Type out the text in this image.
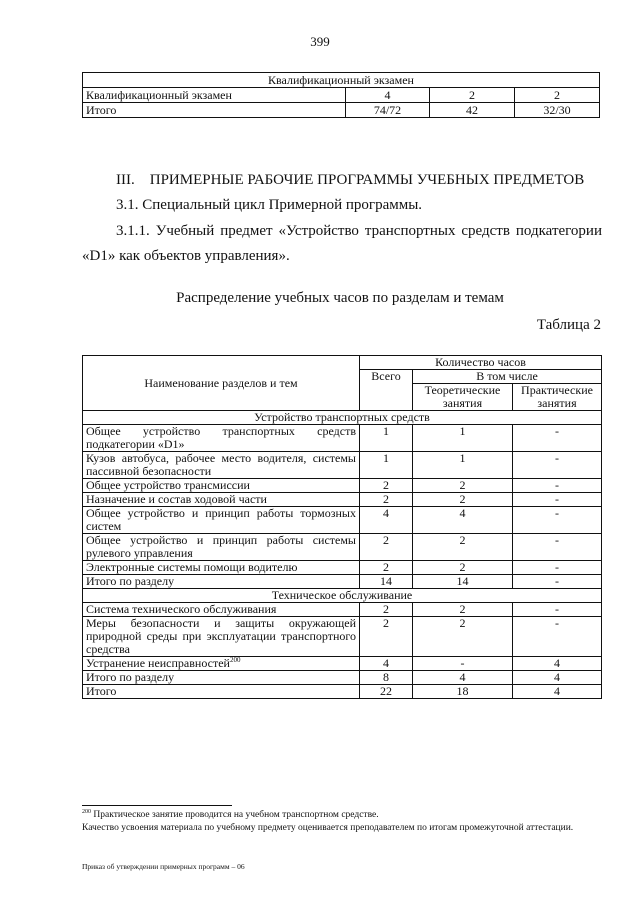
399
Квалификационный экзамен			
Квалификационный экзамен	4	2	2
Итого	74/72	42	32/30
III.    ПРИМЕРНЫЕ РАБОЧИЕ ПРОГРАММЫ УЧЕБНЫХ ПРЕДМЕТОВ
3.1. Специальный цикл Примерной программы.
3.1.1. Учебный предмет «Устройство транспортных средств подкатегории «D1» как объектов управления».
Распределение учебных часов по разделам и темам
Таблица 2
Наименование разделов и тем	Количество часов		
	Всего	В том числе	
		Теоретические занятия	Практические занятия
Устройство транспортных средств			
Общее устройство транспортных средств подкатегории «D1»	1	1	-
Кузов автобуса, рабочее место водителя, системы пассивной безопасности	1	1	-
Общее устройство трансмиссии	2	2	-
Назначение и состав ходовой части	2	2	-
Общее устройство и принцип работы тормозных систем	4	4	-
Общее устройство и принцип работы системы рулевого управления	2	2	-
Электронные системы помощи водителю	2	2	-
Итого по разделу	14	14	-
Техническое обслуживание			
Система технического обслуживания	2	2	-
Меры безопасности и защиты окружающей природной среды при эксплуатации транспортного средства	2	2	-
Устранение неисправностей$^{200}$	4	-	4
Итого по разделу	8	4	4
Итого	22	18	4
$^{200}$ Практическое занятие проводится на учебном транспортном средстве.
Качество усвоения материала по учебному предмету оценивается преподавателем по итогам промежуточной аттестации.
Приказ об утверждении примерных программ – 06
